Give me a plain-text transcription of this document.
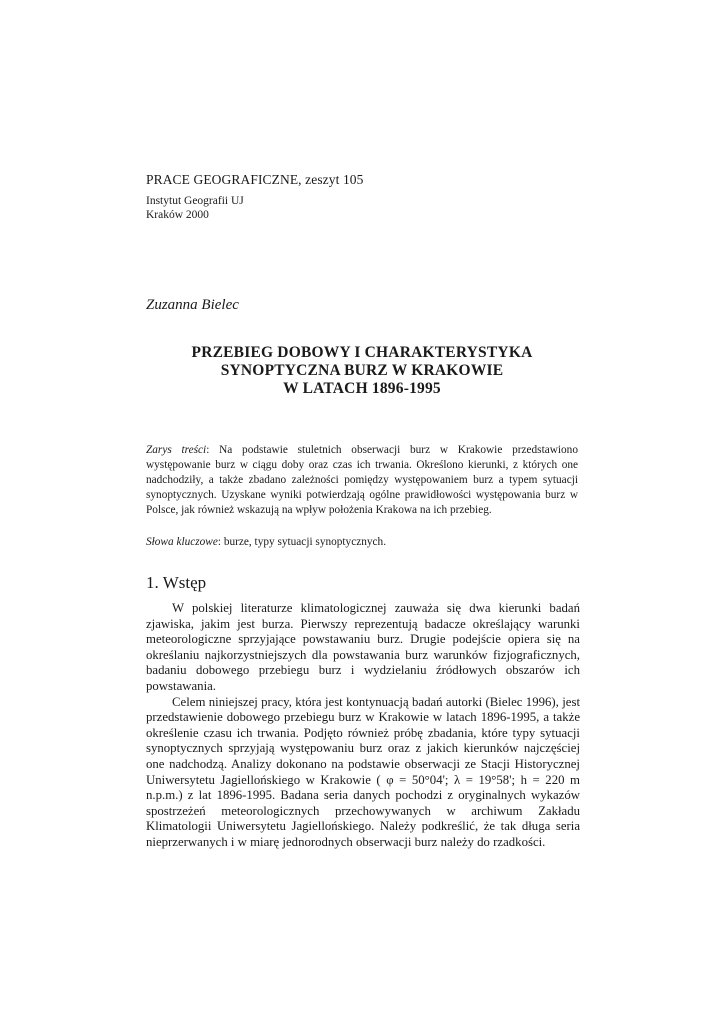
PRACE GEOGRAFICZNE, zeszyt 105
Instytut Geografii UJ
Kraków 2000
Zuzanna Bielec
PRZEBIEG DOBOWY I CHARAKTERYSTYKA
SYNOPTYCZNA BURZ W KRAKOWIE
W LATACH 1896-1995
Zarys treści: Na podstawie stuletnich obserwacji burz w Krakowie przedstawiono występowanie burz w ciągu doby oraz czas ich trwania. Określono kierunki, z których one nadchodziły, a także zbadano zależności pomiędzy występowaniem burz a typem sytuacji synoptycznych. Uzyskane wyniki potwierdzają ogólne prawidłowości występowania burz w Polsce, jak również wskazują na wpływ położenia Krakowa na ich przebieg.
Słowa kluczowe: burze, typy sytuacji synoptycznych.
1. Wstęp

W polskiej literaturze klimatologicznej zauważa się dwa kierunki badań zjawiska, jakim jest burza. Pierwszy reprezentują badacze określający warunki meteorologiczne sprzyjające powstawaniu burz. Drugie podejście opiera się na określaniu najkorzystniejszych dla powstawania burz warunków fizjograficznych, badaniu dobowego przebiegu burz i wydzielaniu źródłowych obszarów ich powstawania.

Celem niniejszej pracy, która jest kontynuacją badań autorki (Bielec 1996), jest przedstawienie dobowego przebiegu burz w Krakowie w latach 1896-1995, a także określenie czasu ich trwania. Podjęto również próbę zbadania, które typy sytuacji synoptycznych sprzyjają występowaniu burz oraz z jakich kierunków najczęściej one nadchodzą. Analizy dokonano na podstawie obserwacji ze Stacji Historycznej Uniwersytetu Jagiellońskiego w Krakowie ( φ = 50°04'; λ = 19°58'; h = 220 m n.p.m.) z lat 1896-1995. Badana seria danych pochodzi z oryginalnych wykazów spostrzeżeń meteorologicznych przechowywanych w archiwum Zakładu Klimatologii Uniwersytetu Jagiellońskiego. Należy podkreślić, że tak długa seria nieprzerwanych i w miarę jednorodnych obserwacji burz należy do rzadkości.
